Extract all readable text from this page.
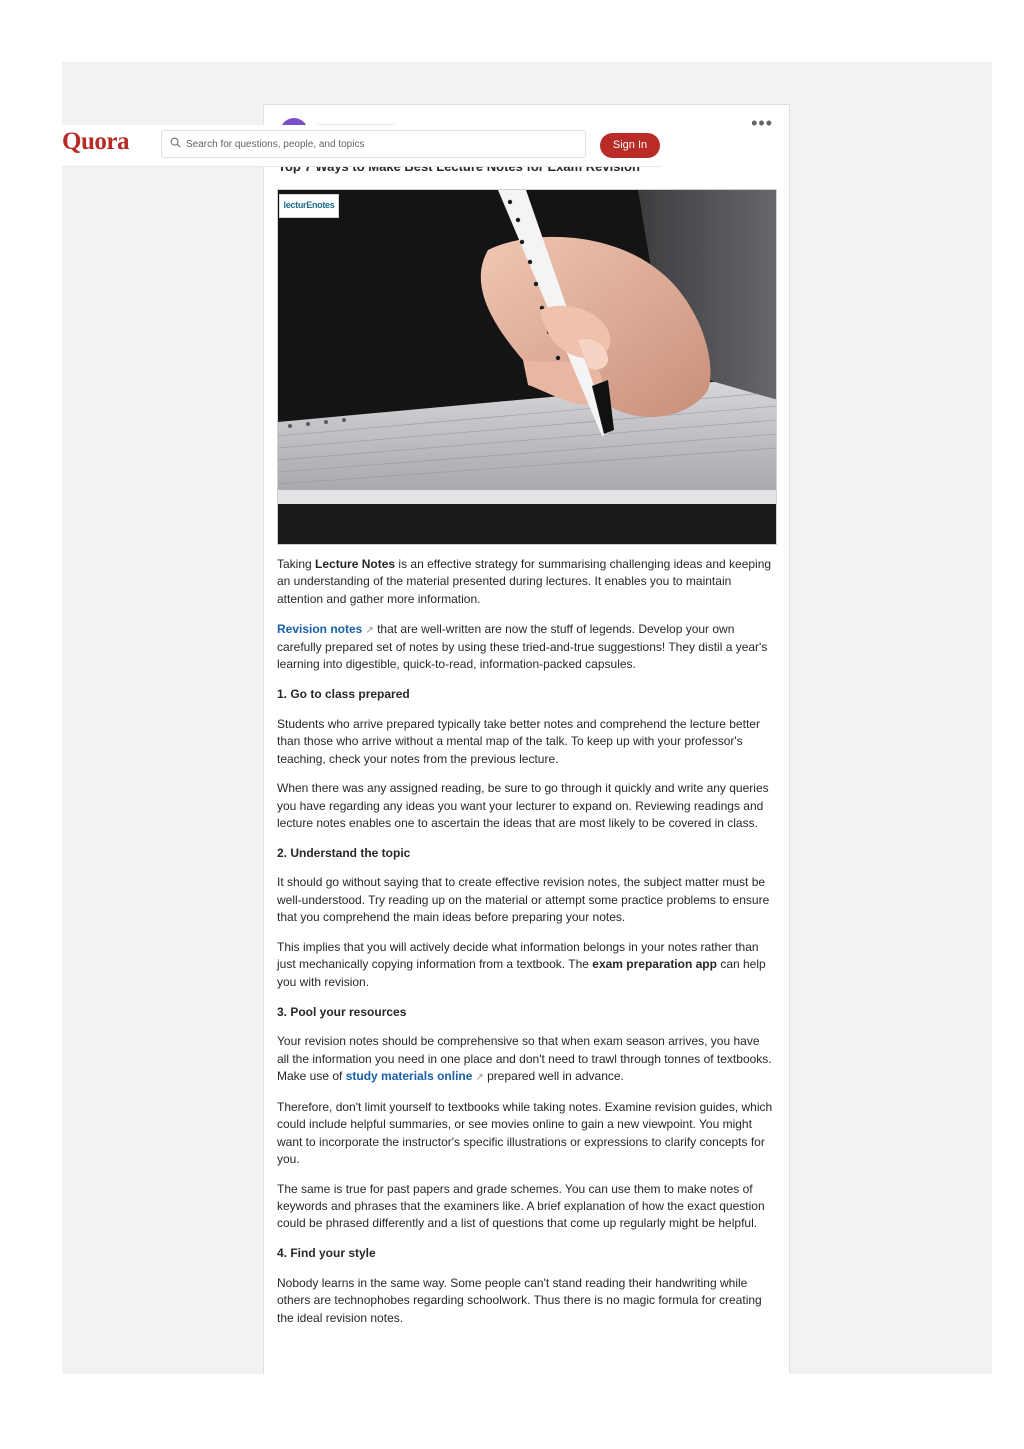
•••
lecturEnotes

Taking Lecture Notes is an effective strategy for summarising challenging ideas and keeping an understanding of the material presented during lectures. It enables you to maintain attention and gather more information.

Revision notes ↗ that are well-written are now the stuff of legends. Develop your own carefully prepared set of notes by using these tried-and-true suggestions! They distil a year's learning into digestible, quick-to-read, information-packed capsules.

1. Go to class prepared

Students who arrive prepared typically take better notes and comprehend the lecture better than those who arrive without a mental map of the talk. To keep up with your professor's teaching, check your notes from the previous lecture.

When there was any assigned reading, be sure to go through it quickly and write any queries you have regarding any ideas you want your lecturer to expand on. Reviewing readings and lecture notes enables one to ascertain the ideas that are most likely to be covered in class.

2. Understand the topic

It should go without saying that to create effective revision notes, the subject matter must be well-understood. Try reading up on the material or attempt some practice problems to ensure that you comprehend the main ideas before preparing your notes.

This implies that you will actively decide what information belongs in your notes rather than just mechanically copying information from a textbook. The exam preparation app can help you with revision.

3. Pool your resources

Your revision notes should be comprehensive so that when exam season arrives, you have all the information you need in one place and don't need to trawl through tonnes of textbooks. Make use of study materials online ↗ prepared well in advance.

Therefore, don't limit yourself to textbooks while taking notes. Examine revision guides, which could include helpful summaries, or see movies online to gain a new viewpoint. You might want to incorporate the instructor's specific illustrations or expressions to clarify concepts for you.

The same is true for past papers and grade schemes. You can use them to make notes of keywords and phrases that the examiners like. A brief explanation of how the exact question could be phrased differently and a list of questions that come up regularly might be helpful.

4. Find your style

Nobody learns in the same way. Some people can't stand reading their handwriting while others are technophobes regarding schoolwork. Thus there is no magic formula for creating the ideal revision notes.

Quora
Search for questions, people, and topics	Sign In
